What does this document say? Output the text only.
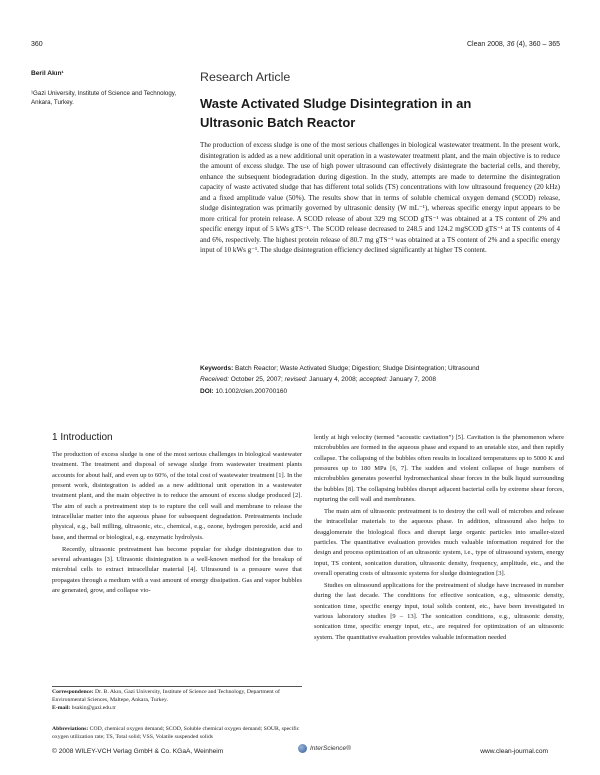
360	Clean 2008, 36 (4), 360 – 365
Beril Akın¹
¹Gazi University, Institute of Science and Technology, Ankara, Turkey.
Research Article
Waste Activated Sludge Disintegration in an Ultrasonic Batch Reactor

The production of excess sludge is one of the most serious challenges in biological wastewater treatment. In the present work, disintegration is added as a new additional unit operation in a wastewater treatment plant, and the main objective is to reduce the amount of excess sludge. The use of high power ultrasound can effectively disintegrate the bacterial cells, and thereby, enhance the subsequent biodegradation during digestion. In the study, attempts are made to determine the disintegration capacity of waste activated sludge that has different total solids (TS) concentrations with low ultrasound frequency (20 kHz) and a fixed amplitude value (50%). The results show that in terms of soluble chemical oxygen demand (SCOD) release, sludge disintegration was primarily governed by ultrasonic density (W mL⁻¹), whereas specific energy input appears to be more critical for protein release. A SCOD release of about 329 mg SCOD gTS⁻¹ was obtained at a TS content of 2% and specific energy input of 5 kWs gTS⁻¹. The SCOD release decreased to 248.5 and 124.2 mgSCOD gTS⁻¹ at TS contents of 4 and 6%, respectively. The highest protein release of 80.7 mg gTS⁻¹ was obtained at a TS content of 2% and a specific energy input of 10 kWs g⁻¹. The sludge disintegration efficiency declined significantly at higher TS content.

Keywords: Batch Reactor; Waste Activated Sludge; Digestion; Sludge Disintegration; Ultrasound
Received: October 25, 2007; revised: January 4, 2008; accepted: January 7, 2008
DOI: 10.1002/clen.200700160
1 Introduction

The production of excess sludge is one of the most serious challenges in biological wastewater treatment. The treatment and disposal of sewage sludge from wastewater treatment plants accounts for about half, and even up to 60%, of the total cost of wastewater treatment [1]. In the present work, disintegration is added as a new additional unit operation in a wastewater treatment plant, and the main objective is to reduce the amount of excess sludge produced [2]. The aim of such a pretreatment step is to rupture the cell wall and membrane to release the intracellular matter into the aqueous phase for subsequent degradation. Pretreatments include physical, e.g., ball milling, ultrasonic, etc., chemical, e.g., ozone, hydrogen peroxide, acid and base, and thermal or biological, e.g. enzymatic hydrolysis.

Recently, ultrasonic pretreatment has become popular for sludge disintegration due to several advantages [3]. Ultrasonic disintegration is a well-known method for the breakup of microbial cells to extract intracellular material [4]. Ultrasound is a pressure wave that propagates through a medium with a vast amount of energy dissipation. Gas and vapor bubbles are generated, grow, and collapse vio-

lently at high velocity (termed “acoustic cavitation”) [5]. Cavitation is the phenomenon where microbubbles are formed in the aqueous phase and expand to an unstable size, and then rapidly collapse. The collapsing of the bubbles often results in localized temperatures up to 5000 K and pressures up to 180 MPa [6, 7]. The sudden and violent collapse of huge numbers of microbubbles generates powerful hydromechanical shear forces in the bulk liquid surrounding the bubbles [8]. The collapsing bubbles disrupt adjacent bacterial cells by extreme shear forces, rupturing the cell wall and membranes.

The main aim of ultrasonic pretreatment is to destroy the cell wall of microbes and release the intracellular materials to the aqueous phase. In addition, ultrasound also helps to deagglomerate the biological flocs and disrupt large organic particles into smaller-sized particles. The quantitative evaluation provides much valuable information required for the design and process optimization of an ultrasonic system, i.e., type of ultrasound system, energy input, TS content, sonication duration, ultrasonic density, frequency, amplitude, etc., and the overall operating costs of ultrasonic systems for sludge disintegration [3].

Studies on ultrasound applications for the pretreatment of sludge have increased in number during the last decade. The conditions for effective sonication, e.g., ultrasonic density, sonication time, specific energy input, total solids content, etc., have been investigated in various laboratory studies [9 – 13]. The sonication conditions, e.g., ultrasonic density, sonication time, specific energy input, etc., are required for optimization of an ultrasonic system. The quantitative evaluation provides valuable information needed

Correspondence: Dr. B. Akın, Gazi University, Institute of Science and Technology, Department of Environmental Sciences, Maltepe, Ankara, Turkey.
E-mail: bsakin@gazi.edu.tr
Abbreviations: COD, chemical oxygen demand; SCOD, Soluble chemical oxygen demand; SOUR, specific oxygen utilization rate; TS, Total solid; VSS, Volatile suspended solids
© 2008 WILEY-VCH Verlag GmbH & Co. KGaA, Weinheim	InterScience®	www.clean-journal.com
